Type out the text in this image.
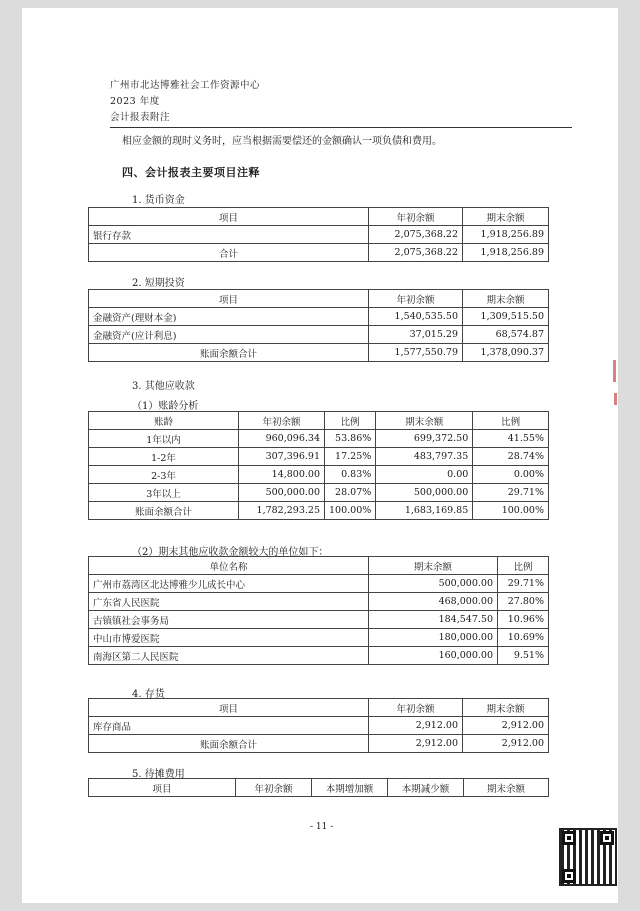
广州市北达博雅社会工作资源中心
2023 年度
会计报表附注
相应金额的现时义务时，应当根据需要偿还的金额确认一项负债和费用。
四、会计报表主要项目注释
1. 货币资金
项目	年初余额	期末余额
银行存款	2,075,368.22	1,918,256.89
合计	2,075,368.22	1,918,256.89
2. 短期投资
项目	年初余额	期末余额
金融资产(理财本金)	1,540,535.50	1,309,515.50
金融资产(应计利息)	37,015.29	68,574.87
账面余额合计	1,577,550.79	1,378,090.37
3. 其他应收款
（1）账龄分析
账龄	年初余额	比例	期末余额	比例
1年以内	960,096.34	53.86%	699,372.50	41.55%
1-2年	307,396.91	17.25%	483,797.35	28.74%
2-3年	14,800.00	0.83%	0.00	0.00%
3年以上	500,000.00	28.07%	500,000.00	29.71%
账面余额合计	1,782,293.25	100.00%	1,683,169.85	100.00%
（2）期末其他应收款金额较大的单位如下：
单位名称	期末余额	比例
广州市荔湾区北达博雅少儿成长中心	500,000.00	29.71%
广东省人民医院	468,000.00	27.80%
古镇镇社会事务局	184,547.50	10.96%
中山市博爱医院	180,000.00	10.69%
南海区第二人民医院	160,000.00	9.51%
4. 存货
项目	年初余额	期末余额
库存商品	2,912.00	2,912.00
账面余额合计	2,912.00	2,912.00
5. 待摊费用
项目	年初余额	本期增加额	本期减少额	期末余额
- 11 -
